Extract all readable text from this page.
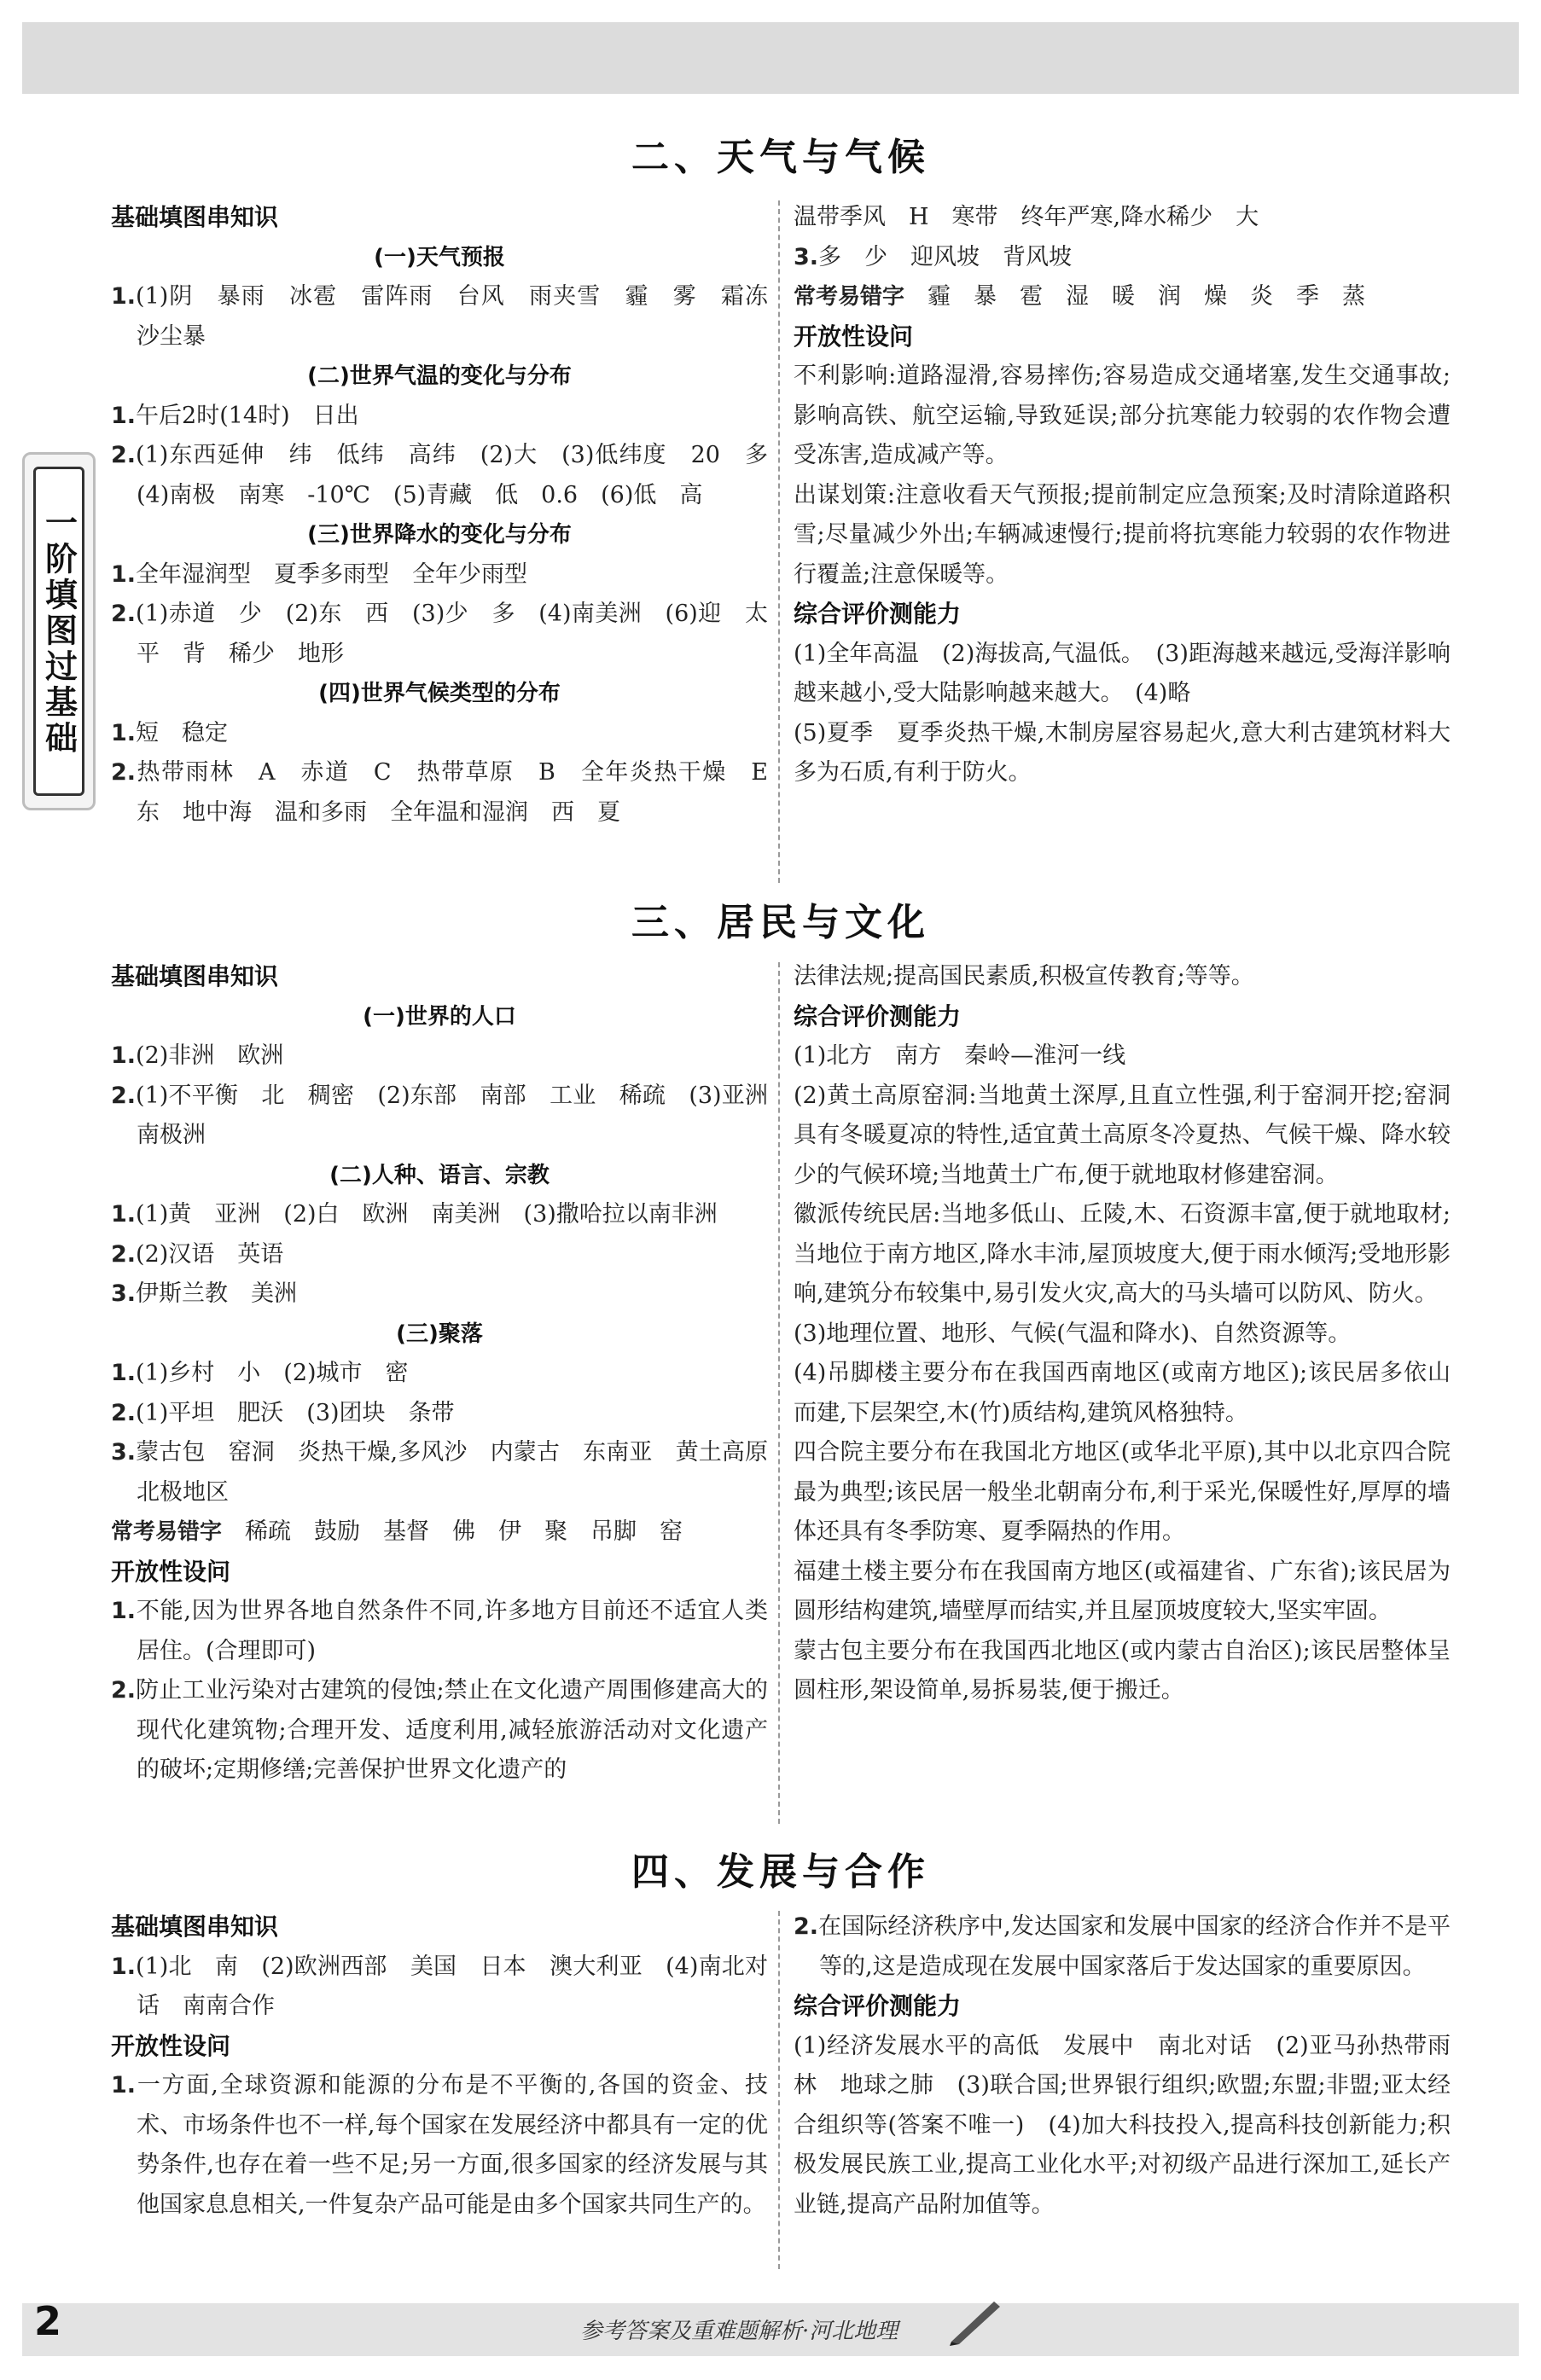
一阶填图过基础
二、天气与气候
基础填图串知识
(一)天气预报
1.(1)阴　暴雨　冰雹　雷阵雨　台风　雨夹雪　霾　雾　霜冻　沙尘暴
(二)世界气温的变化与分布
1.午后2时(14时)　日出
2.(1)东西延伸　纬　低纬　高纬　(2)大　(3)低纬度　20　多　(4)南极　南寒　-10℃　(5)青藏　低　0.6　(6)低　高
(三)世界降水的变化与分布
1.全年湿润型　夏季多雨型　全年少雨型
2.(1)赤道　少　(2)东　西　(3)少　多　(4)南美洲　(6)迎　太平　背　稀少　地形
(四)世界气候类型的分布
1.短　稳定
2.热带雨林　A　赤道　C　热带草原　B　全年炎热干燥　E　东　地中海　温和多雨　全年温和湿润　西　夏
温带季风　H　寒带　终年严寒,降水稀少　大
3.多　少　迎风坡　背风坡
常考易错字　霾　暴　雹　湿　暖　润　燥　炎　季　蒸
开放性设问
不利影响:道路湿滑,容易摔伤;容易造成交通堵塞,发生交通事故;影响高铁、航空运输,导致延误;部分抗寒能力较弱的农作物会遭受冻害,造成减产等。
出谋划策:注意收看天气预报;提前制定应急预案;及时清除道路积雪;尽量减少外出;车辆减速慢行;提前将抗寒能力较弱的农作物进行覆盖;注意保暖等。
综合评价测能力
(1)全年高温　(2)海拔高,气温低。　(3)距海越来越远,受海洋影响越来越小,受大陆影响越来越大。　(4)略
(5)夏季　夏季炎热干燥,木制房屋容易起火,意大利古建筑材料大多为石质,有利于防火。
三、居民与文化
基础填图串知识
(一)世界的人口
1.(2)非洲　欧洲
2.(1)不平衡　北　稠密　(2)东部　南部　工业　稀疏　(3)亚洲　南极洲
(二)人种、语言、宗教
1.(1)黄　亚洲　(2)白　欧洲　南美洲　(3)撒哈拉以南非洲
2.(2)汉语　英语
3.伊斯兰教　美洲
(三)聚落
1.(1)乡村　小　(2)城市　密
2.(1)平坦　肥沃　(3)团块　条带
3.蒙古包　窑洞　炎热干燥,多风沙　内蒙古　东南亚　黄土高原　北极地区
常考易错字　稀疏　鼓励　基督　佛　伊　聚　吊脚　窑
开放性设问
1.不能,因为世界各地自然条件不同,许多地方目前还不适宜人类居住。(合理即可)
2.防止工业污染对古建筑的侵蚀;禁止在文化遗产周围修建高大的现代化建筑物;合理开发、适度利用,减轻旅游活动对文化遗产的破坏;定期修缮;完善保护世界文化遗产的
法律法规;提高国民素质,积极宣传教育;等等。
综合评价测能力
(1)北方　南方　秦岭—淮河一线
(2)黄土高原窑洞:当地黄土深厚,且直立性强,利于窑洞开挖;窑洞具有冬暖夏凉的特性,适宜黄土高原冬冷夏热、气候干燥、降水较少的气候环境;当地黄土广布,便于就地取材修建窑洞。
徽派传统民居:当地多低山、丘陵,木、石资源丰富,便于就地取材;当地位于南方地区,降水丰沛,屋顶坡度大,便于雨水倾泻;受地形影响,建筑分布较集中,易引发火灾,高大的马头墙可以防风、防火。
(3)地理位置、地形、气候(气温和降水)、自然资源等。
(4)吊脚楼主要分布在我国西南地区(或南方地区);该民居多依山而建,下层架空,木(竹)质结构,建筑风格独特。
四合院主要分布在我国北方地区(或华北平原),其中以北京四合院最为典型;该民居一般坐北朝南分布,利于采光,保暖性好,厚厚的墙体还具有冬季防寒、夏季隔热的作用。
福建土楼主要分布在我国南方地区(或福建省、广东省);该民居为圆形结构建筑,墙壁厚而结实,并且屋顶坡度较大,坚实牢固。
蒙古包主要分布在我国西北地区(或内蒙古自治区);该民居整体呈圆柱形,架设简单,易拆易装,便于搬迁。
四、发展与合作
基础填图串知识
1.(1)北　南　(2)欧洲西部　美国　日本　澳大利亚　(4)南北对话　南南合作
开放性设问
1.一方面,全球资源和能源的分布是不平衡的,各国的资金、技术、市场条件也不一样,每个国家在发展经济中都具有一定的优势条件,也存在着一些不足;另一方面,很多国家的经济发展与其他国家息息相关,一件复杂产品可能是由多个国家共同生产的。
2.在国际经济秩序中,发达国家和发展中国家的经济合作并不是平等的,这是造成现在发展中国家落后于发达国家的重要原因。
综合评价测能力
(1)经济发展水平的高低　发展中　南北对话　(2)亚马孙热带雨林　地球之肺　(3)联合国;世界银行组织;欧盟;东盟;非盟;亚太经合组织等(答案不唯一)　(4)加大科技投入,提高科技创新能力;积极发展民族工业,提高工业化水平;对初级产品进行深加工,延长产业链,提高产品附加值等。
2	参考答案及重难题解析·河北地理
